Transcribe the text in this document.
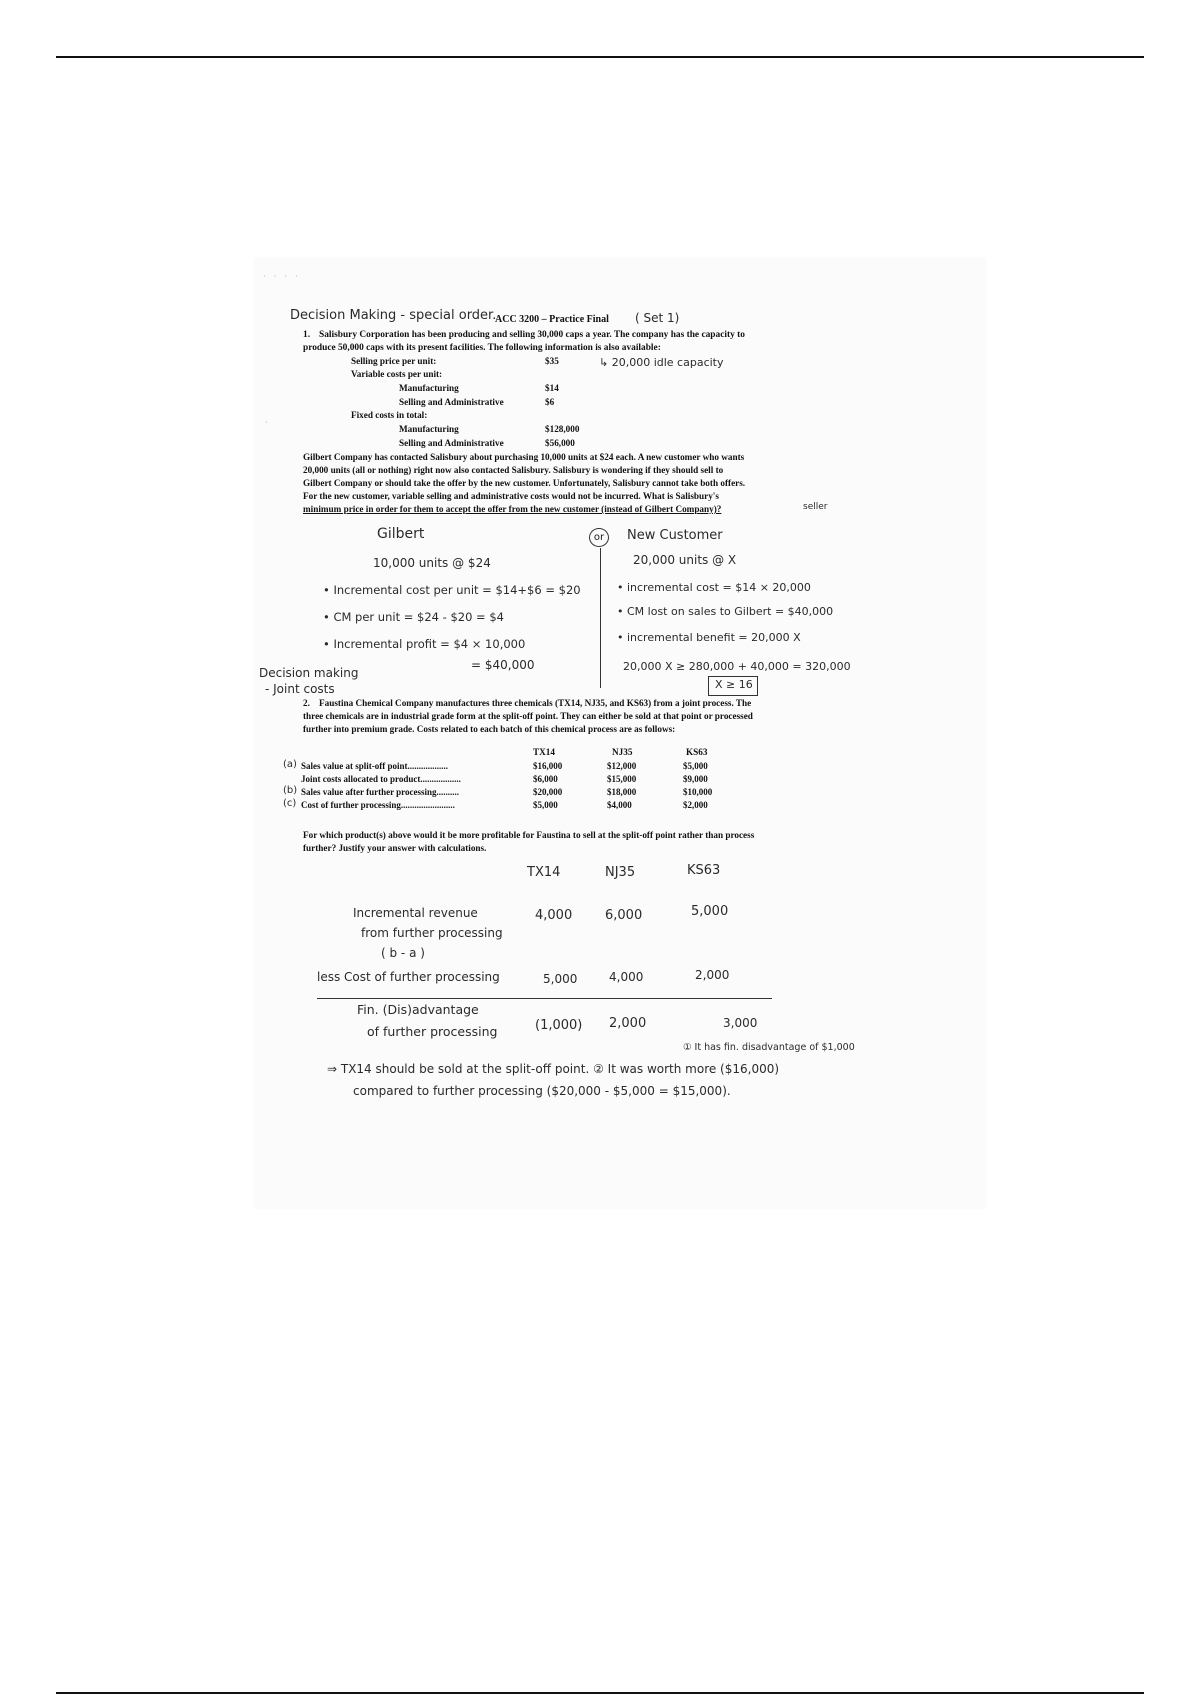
· · · ·
·
Decision Making - special order.
ACC 3200 – Practice Final ( Set 1)
1. Salisbury Corporation has been producing and selling 30,000 caps a year. The company has the capacity to
produce 50,000 caps with its present facilities. The following information is also available:
Selling price per unit:	$35	↳ 20,000 idle capacity
Variable costs per unit:
Manufacturing	$14
Selling and Administrative	$6
Fixed costs in total:
Manufacturing	$128,000
Selling and Administrative	$56,000
Gilbert Company has contacted Salisbury about purchasing 10,000 units at $24 each. A new customer who wants
20,000 units (all or nothing) right now also contacted Salisbury. Salisbury is wondering if they should sell to
Gilbert Company or should take the offer by the new customer. Unfortunately, Salisbury cannot take both offers.
For the new customer, variable selling and administrative costs would not be incurred. What is Salisbury's
minimum price in order for them to accept the offer from the new customer (instead of Gilbert Company)?	seller
Gilbert
10,000 units @ $24
• Incremental cost per unit = $14+$6 = $20
• CM per unit = $24 - $20 = $4
• Incremental profit = $4 × 10,000
= $40,000
or	New Customer
20,000 units @ X
• incremental cost = $14 × 20,000
• CM lost on sales to Gilbert = $40,000
• incremental benefit = 20,000 X
20,000 X ≥ 280,000 + 40,000 = 320,000
X ≥ 16
Decision making
- Joint costs
2. Faustina Chemical Company manufactures three chemicals (TX14, NJ35, and KS63) from a joint process. The
three chemicals are in industrial grade form at the split-off point. They can either be sold at that point or processed
further into premium grade. Costs related to each batch of this chemical process are as follows:
TX14	NJ35	KS63
(a) Sales value at split-off point..................	$16,000	$12,000	$5,000
Joint costs allocated to product..................	$6,000	$15,000	$9,000
(b) Sales value after further processing..........	$20,000	$18,000	$10,000
(c) Cost of further processing........................	$5,000	$4,000	$2,000
For which product(s) above would it be more profitable for Faustina to sell at the split-off point rather than process
further? Justify your answer with calculations.
TX14	NJ35	KS63
Incremental revenue
from further processing
( b - a )
4,000	6,000	5,000
less Cost of further processing	5,000	4,000	2,000
Fin. (Dis)advantage
of further processing	(1,000) 2,000	3,000
① It has fin. disadvantage of $1,000
⇒ TX14 should be sold at the split-off point. ② It was worth more ($16,000)
compared to further processing ($20,000 - $5,000 = $15,000).
